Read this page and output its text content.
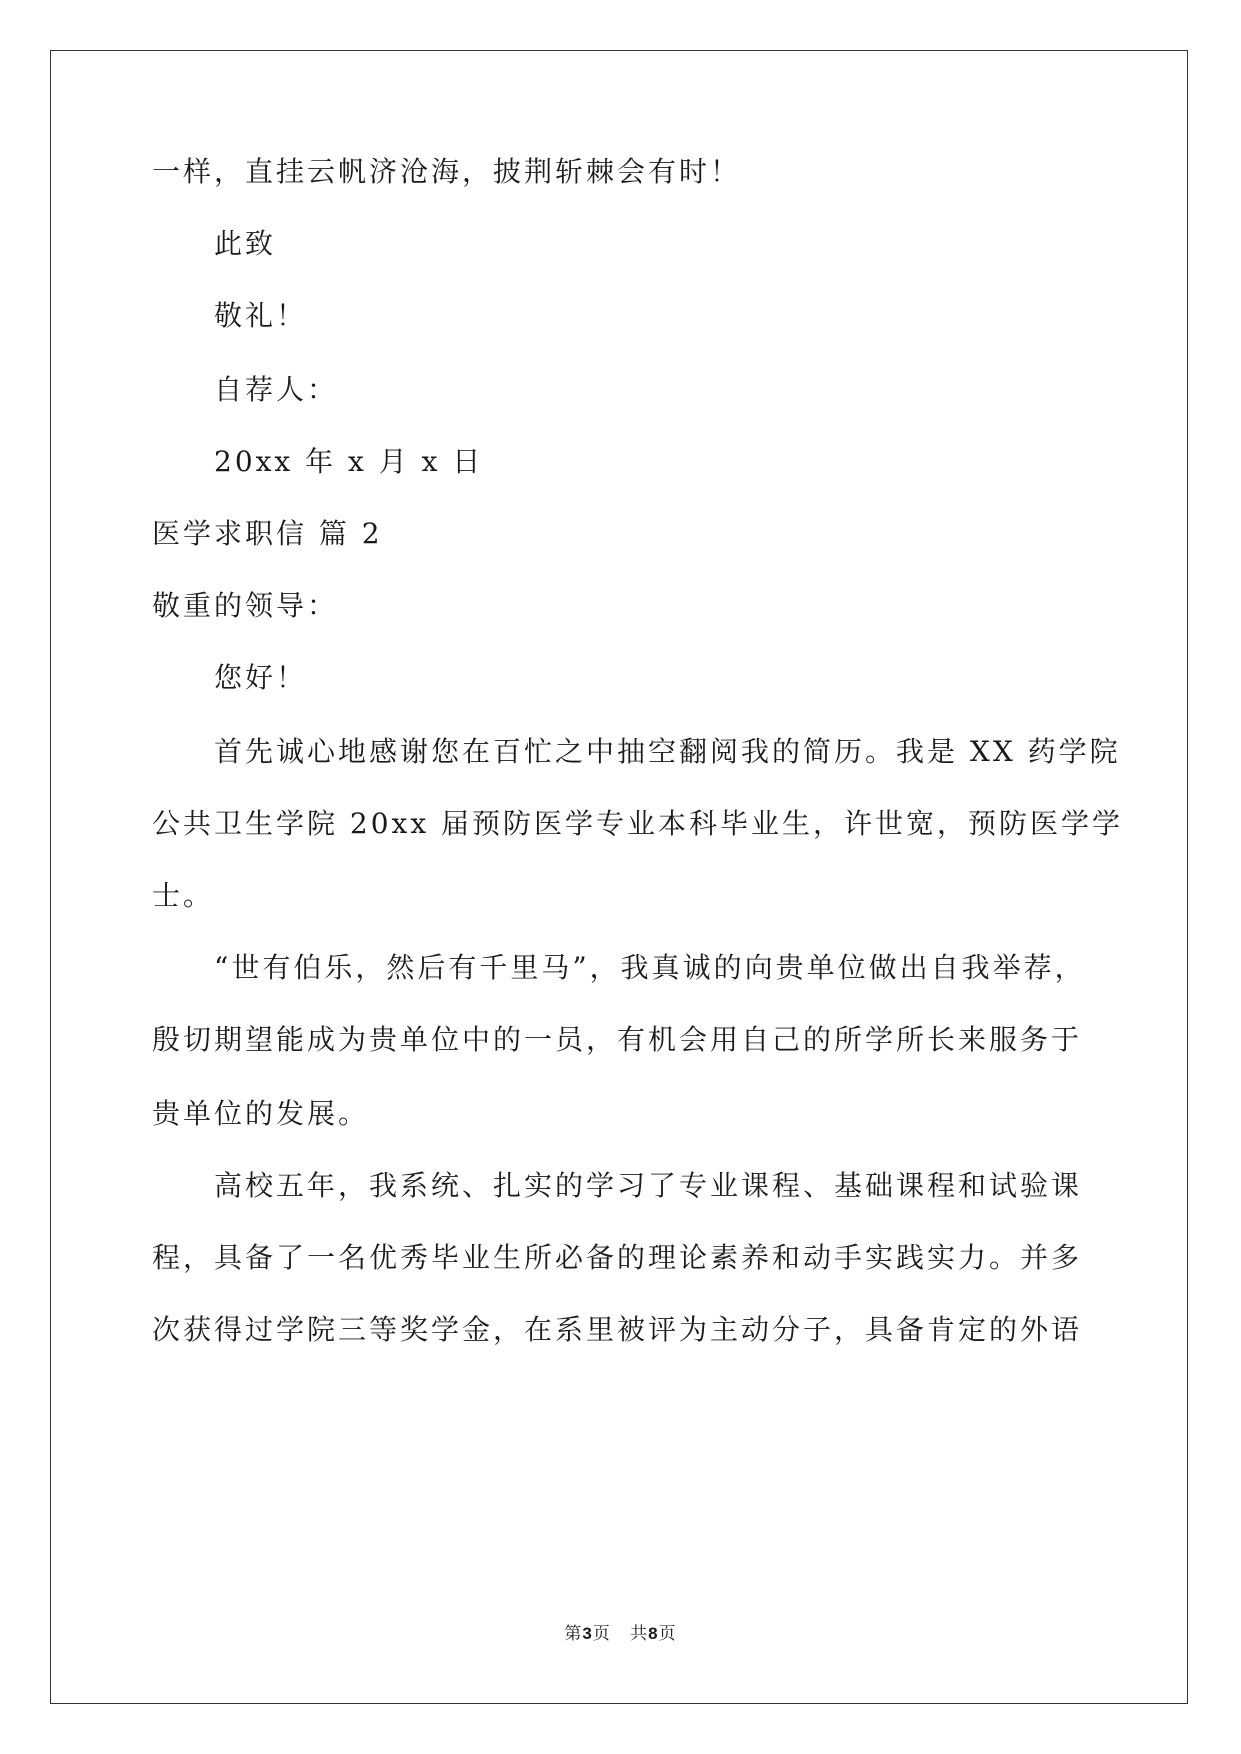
一样，直挂云帆济沧海，披荆斩棘会有时！
此致
敬礼！
自荐人：
20xx 年 x 月 x 日
医学求职信 篇 2
敬重的领导：
您好！
首先诚心地感谢您在百忙之中抽空翻阅我的简历。我是 XX 药学院
公共卫生学院 20xx 届预防医学专业本科毕业生，许世宽，预防医学学
士。
“世有伯乐，然后有千里马”，我真诚的向贵单位做出自我举荐，
殷切期望能成为贵单位中的一员，有机会用自己的所学所长来服务于
贵单位的发展。
高校五年，我系统、扎实的学习了专业课程、基础课程和试验课
程，具备了一名优秀毕业生所必备的理论素养和动手实践实力。并多
次获得过学院三等奖学金，在系里被评为主动分子，具备肯定的外语
第3页 共8页
